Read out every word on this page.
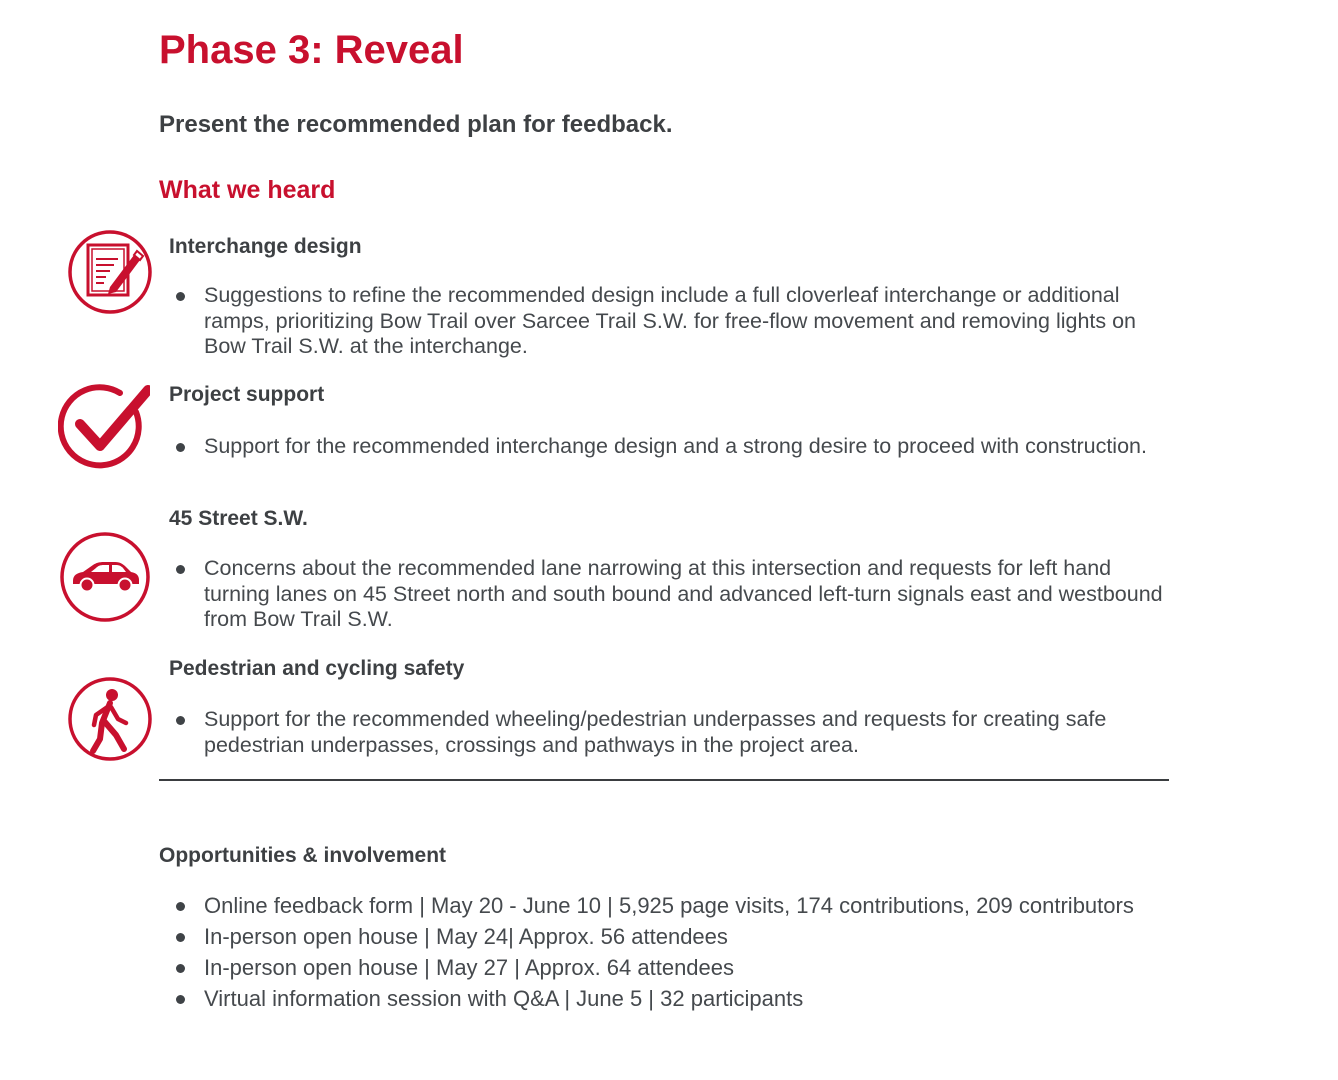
Phase 3: Reveal
Present the recommended plan for feedback.
What we heard
Interchange design
Suggestions to refine the recommended design include a full cloverleaf interchange or additional ramps, prioritizing Bow Trail over Sarcee Trail S.W. for free-flow movement and removing lights on Bow Trail S.W. at the interchange.
Project support
Support for the recommended interchange design and a strong desire to proceed with construction.
45 Street S.W.
Concerns about the recommended lane narrowing at this intersection and requests for left hand turning lanes on 45 Street north and south bound and advanced left-turn signals east and westbound from Bow Trail S.W.
Pedestrian and cycling safety
Support for the recommended wheeling/pedestrian underpasses and requests for creating safe pedestrian underpasses, crossings and pathways in the project area.
Opportunities & involvement
Online feedback form | May 20 - June 10 | 5,925 page visits, 174 contributions, 209 contributors
In-person open house | May 24| Approx. 56 attendees
In-person open house | May 27 | Approx. 64 attendees
Virtual information session with Q&A | June 5 | 32 participants
